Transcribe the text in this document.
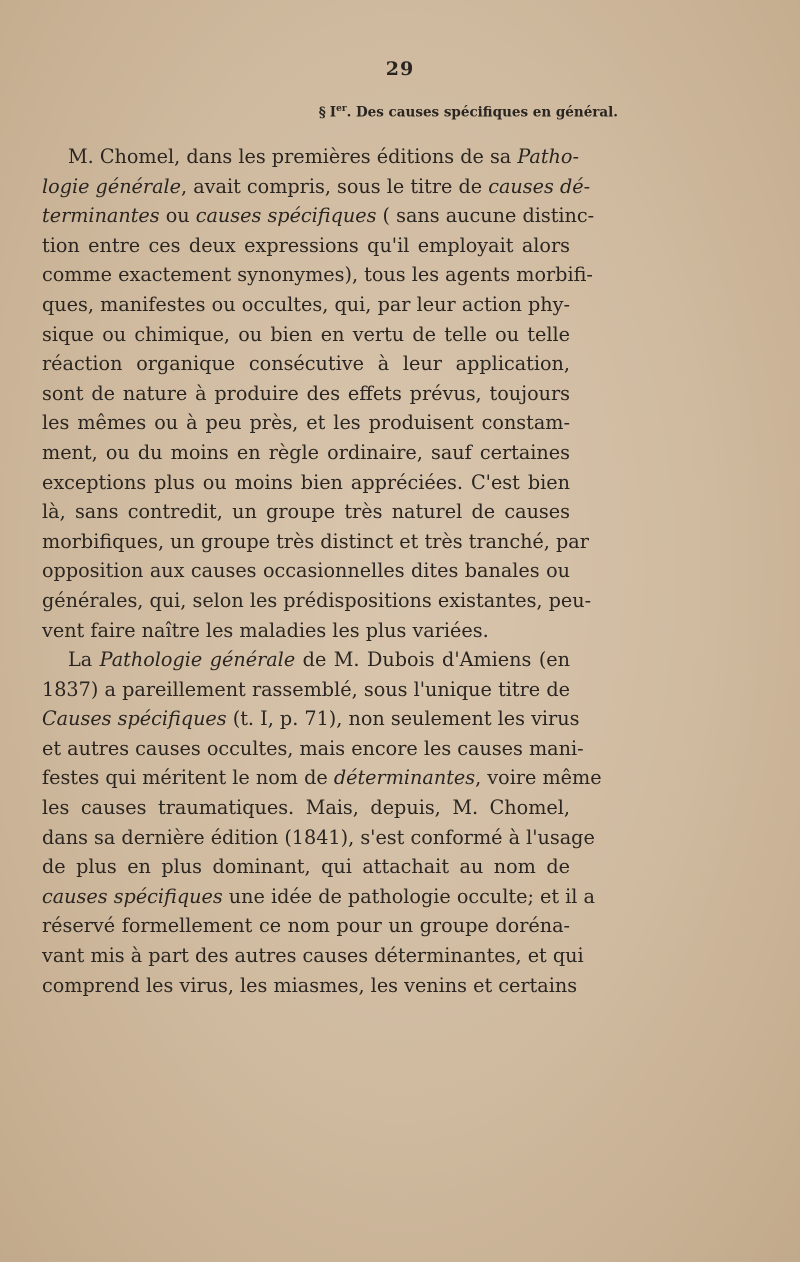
29
§ Ier. Des causes spécifiques en général.
M. Chomel, dans les premières éditions de sa Patho-
logie générale, avait compris, sous le titre de causes dé-
terminantes ou causes spécifiques ( sans aucune distinc-
tion entre ces deux expressions qu'il employait alors
comme exactement synonymes), tous les agents morbifi-
ques, manifestes ou occultes, qui, par leur action phy-
sique ou chimique, ou bien en vertu de telle ou telle
réaction organique consécutive à leur application,
sont de nature à produire des effets prévus, toujours
les mêmes ou à peu près, et les produisent constam-
ment, ou du moins en règle ordinaire, sauf certaines
exceptions plus ou moins bien appréciées. C'est bien
là, sans contredit, un groupe très naturel de causes
morbifiques, un groupe très distinct et très tranché, par
opposition aux causes occasionnelles dites banales ou
générales, qui, selon les prédispositions existantes, peu-
vent faire naître les maladies les plus variées.
La Pathologie générale de M. Dubois d'Amiens (en
1837) a pareillement rassemblé, sous l'unique titre de
Causes spécifiques (t. I, p. 71), non seulement les virus
et autres causes occultes, mais encore les causes mani-
festes qui méritent le nom de déterminantes, voire même
les causes traumatiques. Mais, depuis, M. Chomel,
dans sa dernière édition (1841), s'est conformé à l'usage
de plus en plus dominant, qui attachait au nom de
causes spécifiques une idée de pathologie occulte; et il a
réservé formellement ce nom pour un groupe doréna-
vant mis à part des autres causes déterminantes, et qui
comprend les virus, les miasmes, les venins et certains
